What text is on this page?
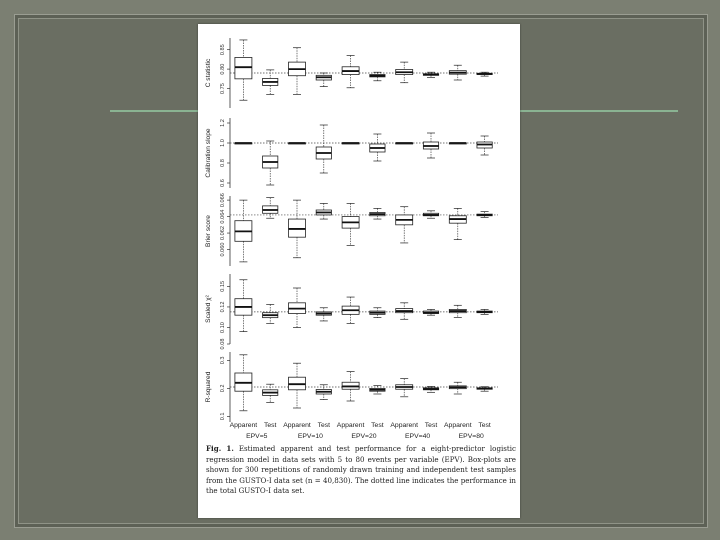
0.75
0.80
0.85
C statistic
0.6
0.8
1.0
1.2
Calibration slope
0.060
0.062
0.064
0.066
Brier score
0.08
0.10
0.12
0.15
Scaled χ²
0.1
0.2
0.3
R-squared
Apparent Test Apparent Test Apparent Test Apparent Test Apparent Test
EPV=5	EPV=10	EPV=20	EPV=40	EPV=80
Fig. 1. Estimated apparent and test performance for a eight-predictor logistic regression model in data sets with 5 to 80 events per variable (EPV). Box-plots are shown for 300 repetitions of randomly drawn training and independent test samples from the GUSTO-I data set (n = 40,830). The dotted line indicates the performance in the total GUSTO-I data set.
